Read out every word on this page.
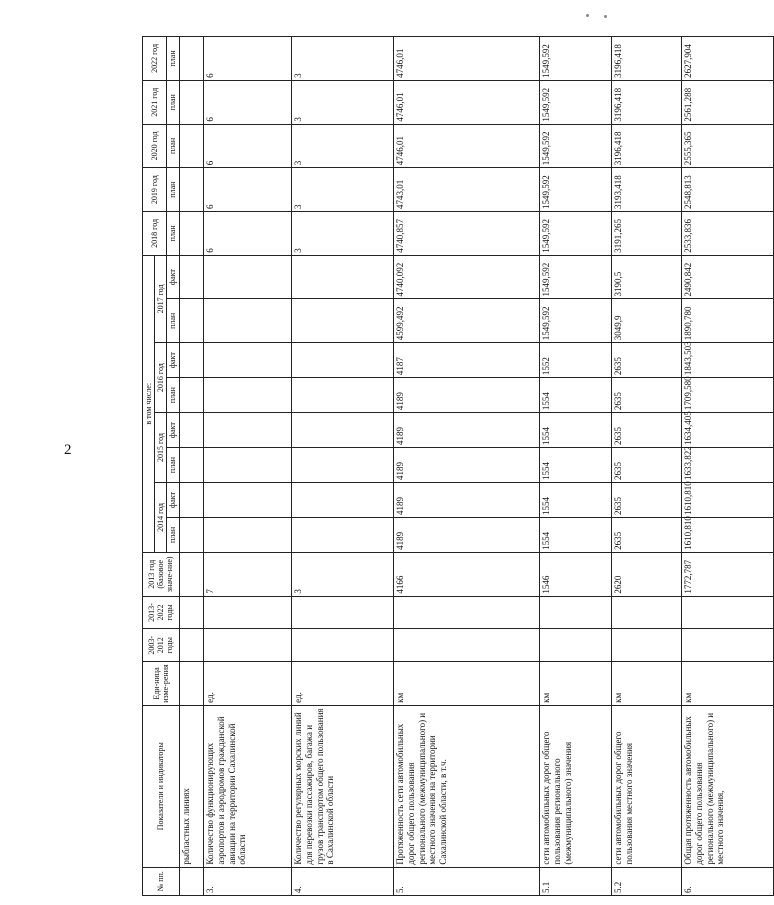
2
№ пп.	Показатели и индикаторы	Еди-ница изме-рения	2003-2012 годы	2013-2022 годы	2013 год (базовое значе-ние)	в том числе:								2018 год	2019 год	2020 год	2021 год	2022 год
						2014 год		2015 год		2016 год		2017 год						
						план	факт	план	факт	план	факт	план	факт	план	план	план	план	план
	рыбластных линиях																	
3.	Количество функционирующих аэропортов и аэродромов гражданской авиации на территории Сахалинской области	ед.			7									6	6	6	6	6
4.	Количество регулярных морских линий для перевозки пассажиров, багажа и грузов транспортом общего пользования в Сахалинской области	ед.			3									3	3	3	3	3
5.	Протяженность сети автомобильных дорог общего пользования регионального (межмуниципального) и местного значения на территории Сахалинской области, в т.ч.	км			4166	4189	4189	4189	4189	4189	4187	4599,492	4740,092	4740,857	4743,01	4746,01	4746,01	4746,01
5.1	сети автомобильных дорог общего пользования регионального (межмуниципального) значения	км			1546	1554	1554	1554	1554	1554	1552	1549,592	1549,592	1549,592	1549,592	1549,592	1549,592	1549,592
5.2	сети автомобильных дорог общего пользования местного значения	км			2620	2635	2635	2635	2635	2635	2635	3049,9	3190,5	3191,265	3193,418	3196,418	3196,418	3196,418
6.	Общая протяженность автомобильных дорог общего пользования регионального (межмуниципального) и местного значения,	км			1772,787	1610,810	1610,810	1633,822	1634,405	1709,580	1843,503	1890,780	2490,842	2533,836	2548,813	2555,365	2561,288	2627,904
